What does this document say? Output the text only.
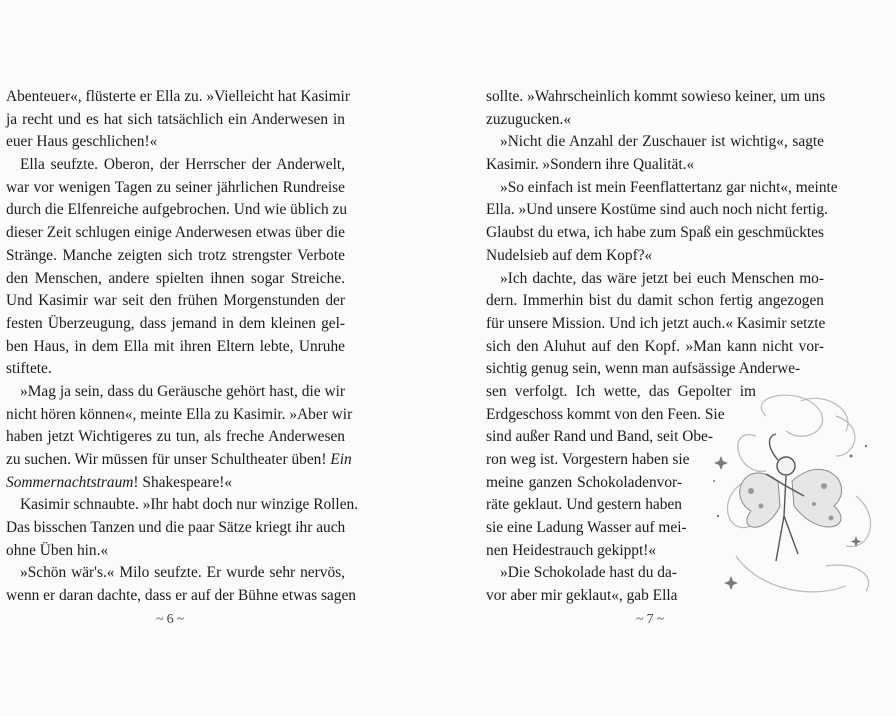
Abenteuer«, flüsterte er Ella zu. »Vielleicht hat Kasimir
ja recht und es hat sich tatsächlich ein Anderwesen in
euer Haus geschlichen!«
Ella seufzte. Oberon, der Herrscher der Anderwelt,
war vor wenigen Tagen zu seiner jährlichen Rundreise
durch die Elfenreiche aufgebrochen. Und wie üblich zu
dieser Zeit schlugen einige Anderwesen etwas über die
Stränge. Manche zeigten sich trotz strengster Verbote
den Menschen, andere spielten ihnen sogar Streiche.
Und Kasimir war seit den frühen Morgenstunden der
festen Überzeugung, dass jemand in dem kleinen gel-
ben Haus, in dem Ella mit ihren Eltern lebte, Unruhe
stiftete.
»Mag ja sein, dass du Geräusche gehört hast, die wir
nicht hören können«, meinte Ella zu Kasimir. »Aber wir
haben jetzt Wichtigeres zu tun, als freche Anderwesen
zu suchen. Wir müssen für unser Schultheater üben! Ein
Sommernachtstraum! Shakespeare!«
Kasimir schnaubte. »Ihr habt doch nur winzige Rollen.
Das bisschen Tanzen und die paar Sätze kriegt ihr auch
ohne Üben hin.«
»Schön wär's.« Milo seufzte. Er wurde sehr nervös,
wenn er daran dachte, dass er auf der Bühne etwas sagen
~ 6 ~
sollte. »Wahrscheinlich kommt sowieso keiner, um uns
zuzugucken.«
»Nicht die Anzahl der Zuschauer ist wichtig«, sagte
Kasimir. »Sondern ihre Qualität.«
»So einfach ist mein Feenflattertanz gar nicht«, meinte
Ella. »Und unsere Kostüme sind auch noch nicht fertig.
Glaubst du etwa, ich habe zum Spaß ein geschmücktes
Nudelsieb auf dem Kopf?«
»Ich dachte, das wäre jetzt bei euch Menschen mo-
dern. Immerhin bist du damit schon fertig angezogen
für unsere Mission. Und ich jetzt auch.« Kasimir setzte
sich den Aluhut auf den Kopf. »Man kann nicht vor-
sichtig genug sein, wenn man aufsässige Anderwe-
sen verfolgt. Ich wette, das Gepolter im
Erdgeschoss kommt von den Feen. Sie
sind außer Rand und Band, seit Obe-
ron weg ist. Vorgestern haben sie
meine ganzen Schokoladenvor-
räte geklaut. Und gestern haben
sie eine Ladung Wasser auf mei-
nen Heidestrauch gekippt!«
»Die Schokolade hast du da-
vor aber mir geklaut«, gab Ella
~ 7 ~
